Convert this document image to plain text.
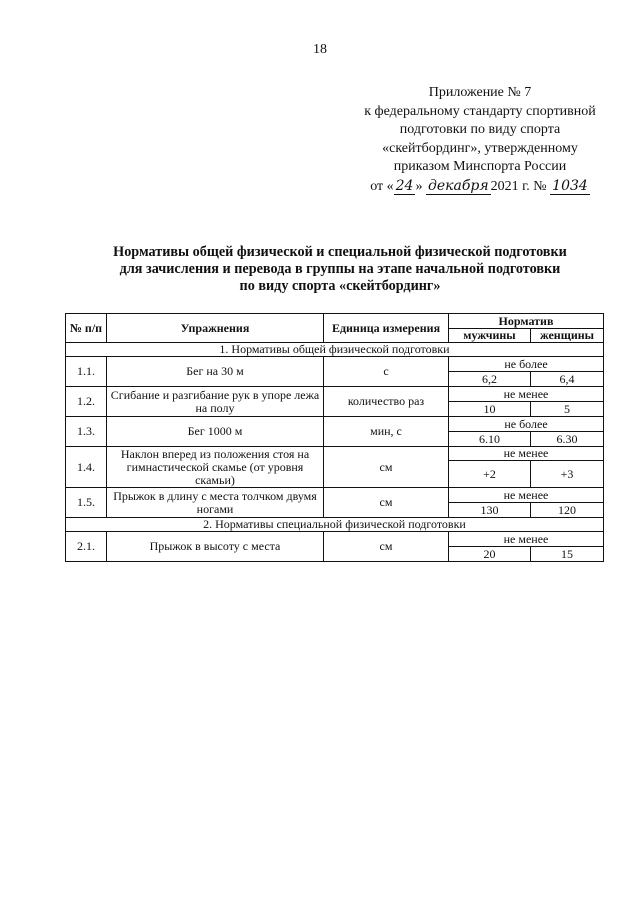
18
Приложение № 7
к федеральному стандарту спортивной
подготовки по виду спорта
«скейтбординг», утвержденному
приказом Минспорта России
от « 24 » декабря 2021 г. № 1034
Нормативы общей физической и специальной физической подготовки
для зачисления и перевода в группы на этапе начальной подготовки
по виду спорта «скейтбординг»
№ п/п	Упражнения	Единица измерения	Норматив	
			мужчины	женщины
1. Нормативы общей физической подготовки				
1.1.	Бег на 30 м	с	не более	
			6,2	6,4
1.2.	Сгибание и разгибание рук в упоре лежа на полу	количество раз	не менее	
			10	5
1.3.	Бег 1000 м	мин, с	не более	
			6.10	6.30
1.4.	Наклон вперед из положения стоя на гимнастической скамье (от уровня скамьи)	см	не менее	
			+2	+3
1.5.	Прыжок в длину с места толчком двумя ногами	см	не менее	
			130	120
2. Нормативы специальной физической подготовки				
2.1.	Прыжок в высоту с места	см	не менее	
			20	15
